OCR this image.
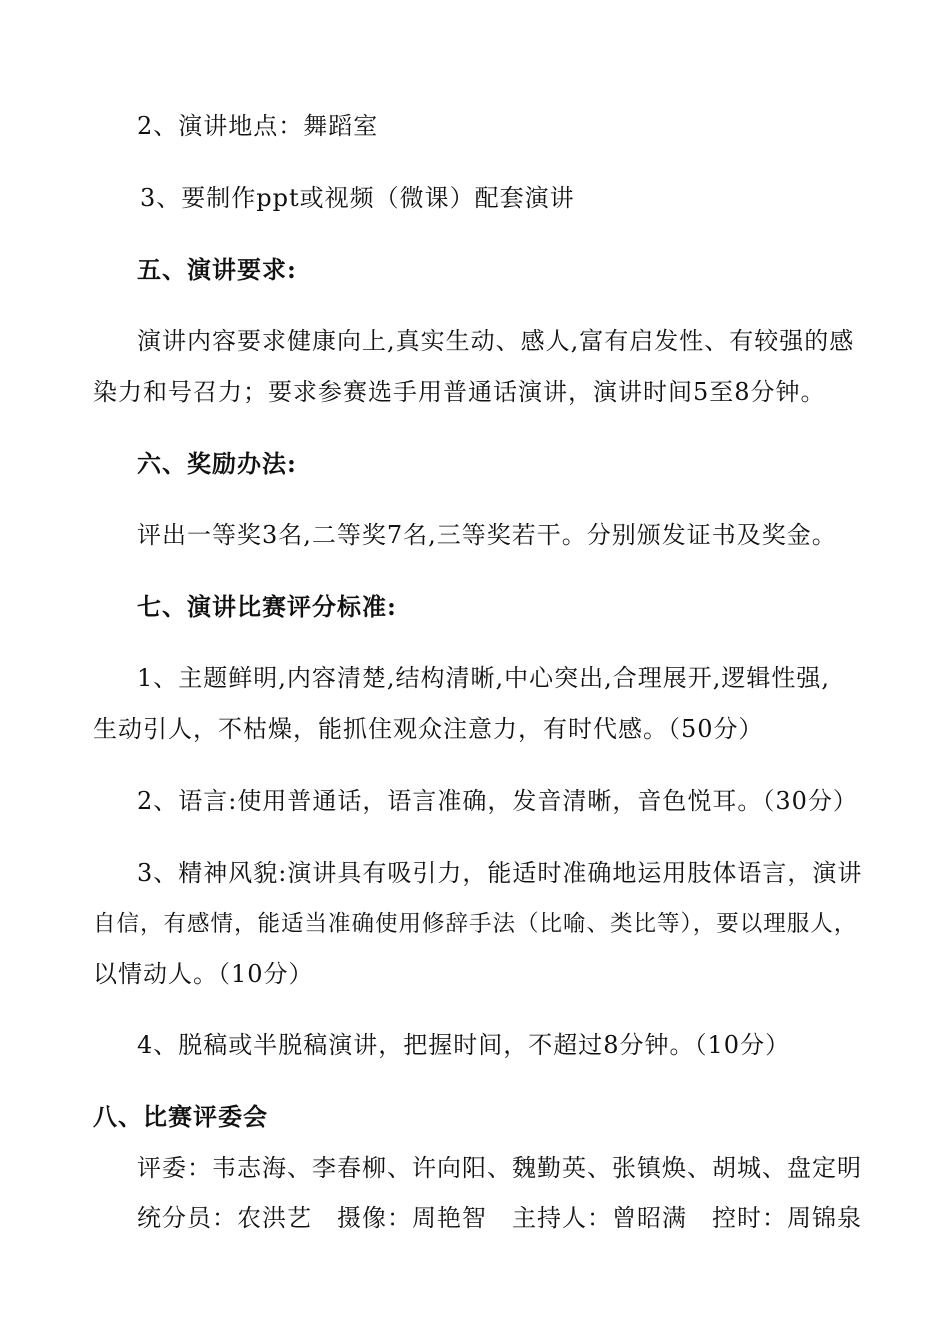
2、演讲地点：舞蹈室
3、要制作ppt或视频（微课）配套演讲
五、演讲要求:
演讲内容要求健康向上,真实生动、感人,富有启发性、有较强的感
染力和号召力；要求参赛选手用普通话演讲，演讲时间5至8分钟。
六、奖励办法:
评出一等奖3名,二等奖7名,三等奖若干。分别颁发证书及奖金。
七、演讲比赛评分标准:
1、主题鲜明,内容清楚,结构清晰,中心突出,合理展开,逻辑性强,
生动引人，不枯燥，能抓住观众注意力，有时代感。（50分）
2、语言:使用普通话，语言准确，发音清晰，音色悦耳。（30分）
3、精神风貌:演讲具有吸引力，能适时准确地运用肢体语言，演讲
自信，有感情，能适当准确使用修辞手法（比喻、类比等），要以理服人，
以情动人。（10分）
4、脱稿或半脱稿演讲，把握时间，不超过8分钟。（10分）
八、比赛评委会
评委：韦志海、李春柳、许向阳、魏勤英、张镇焕、胡城、盘定明
统分员：农洪艺　摄像：周艳智　主持人：曾昭满　控时：周锦泉
